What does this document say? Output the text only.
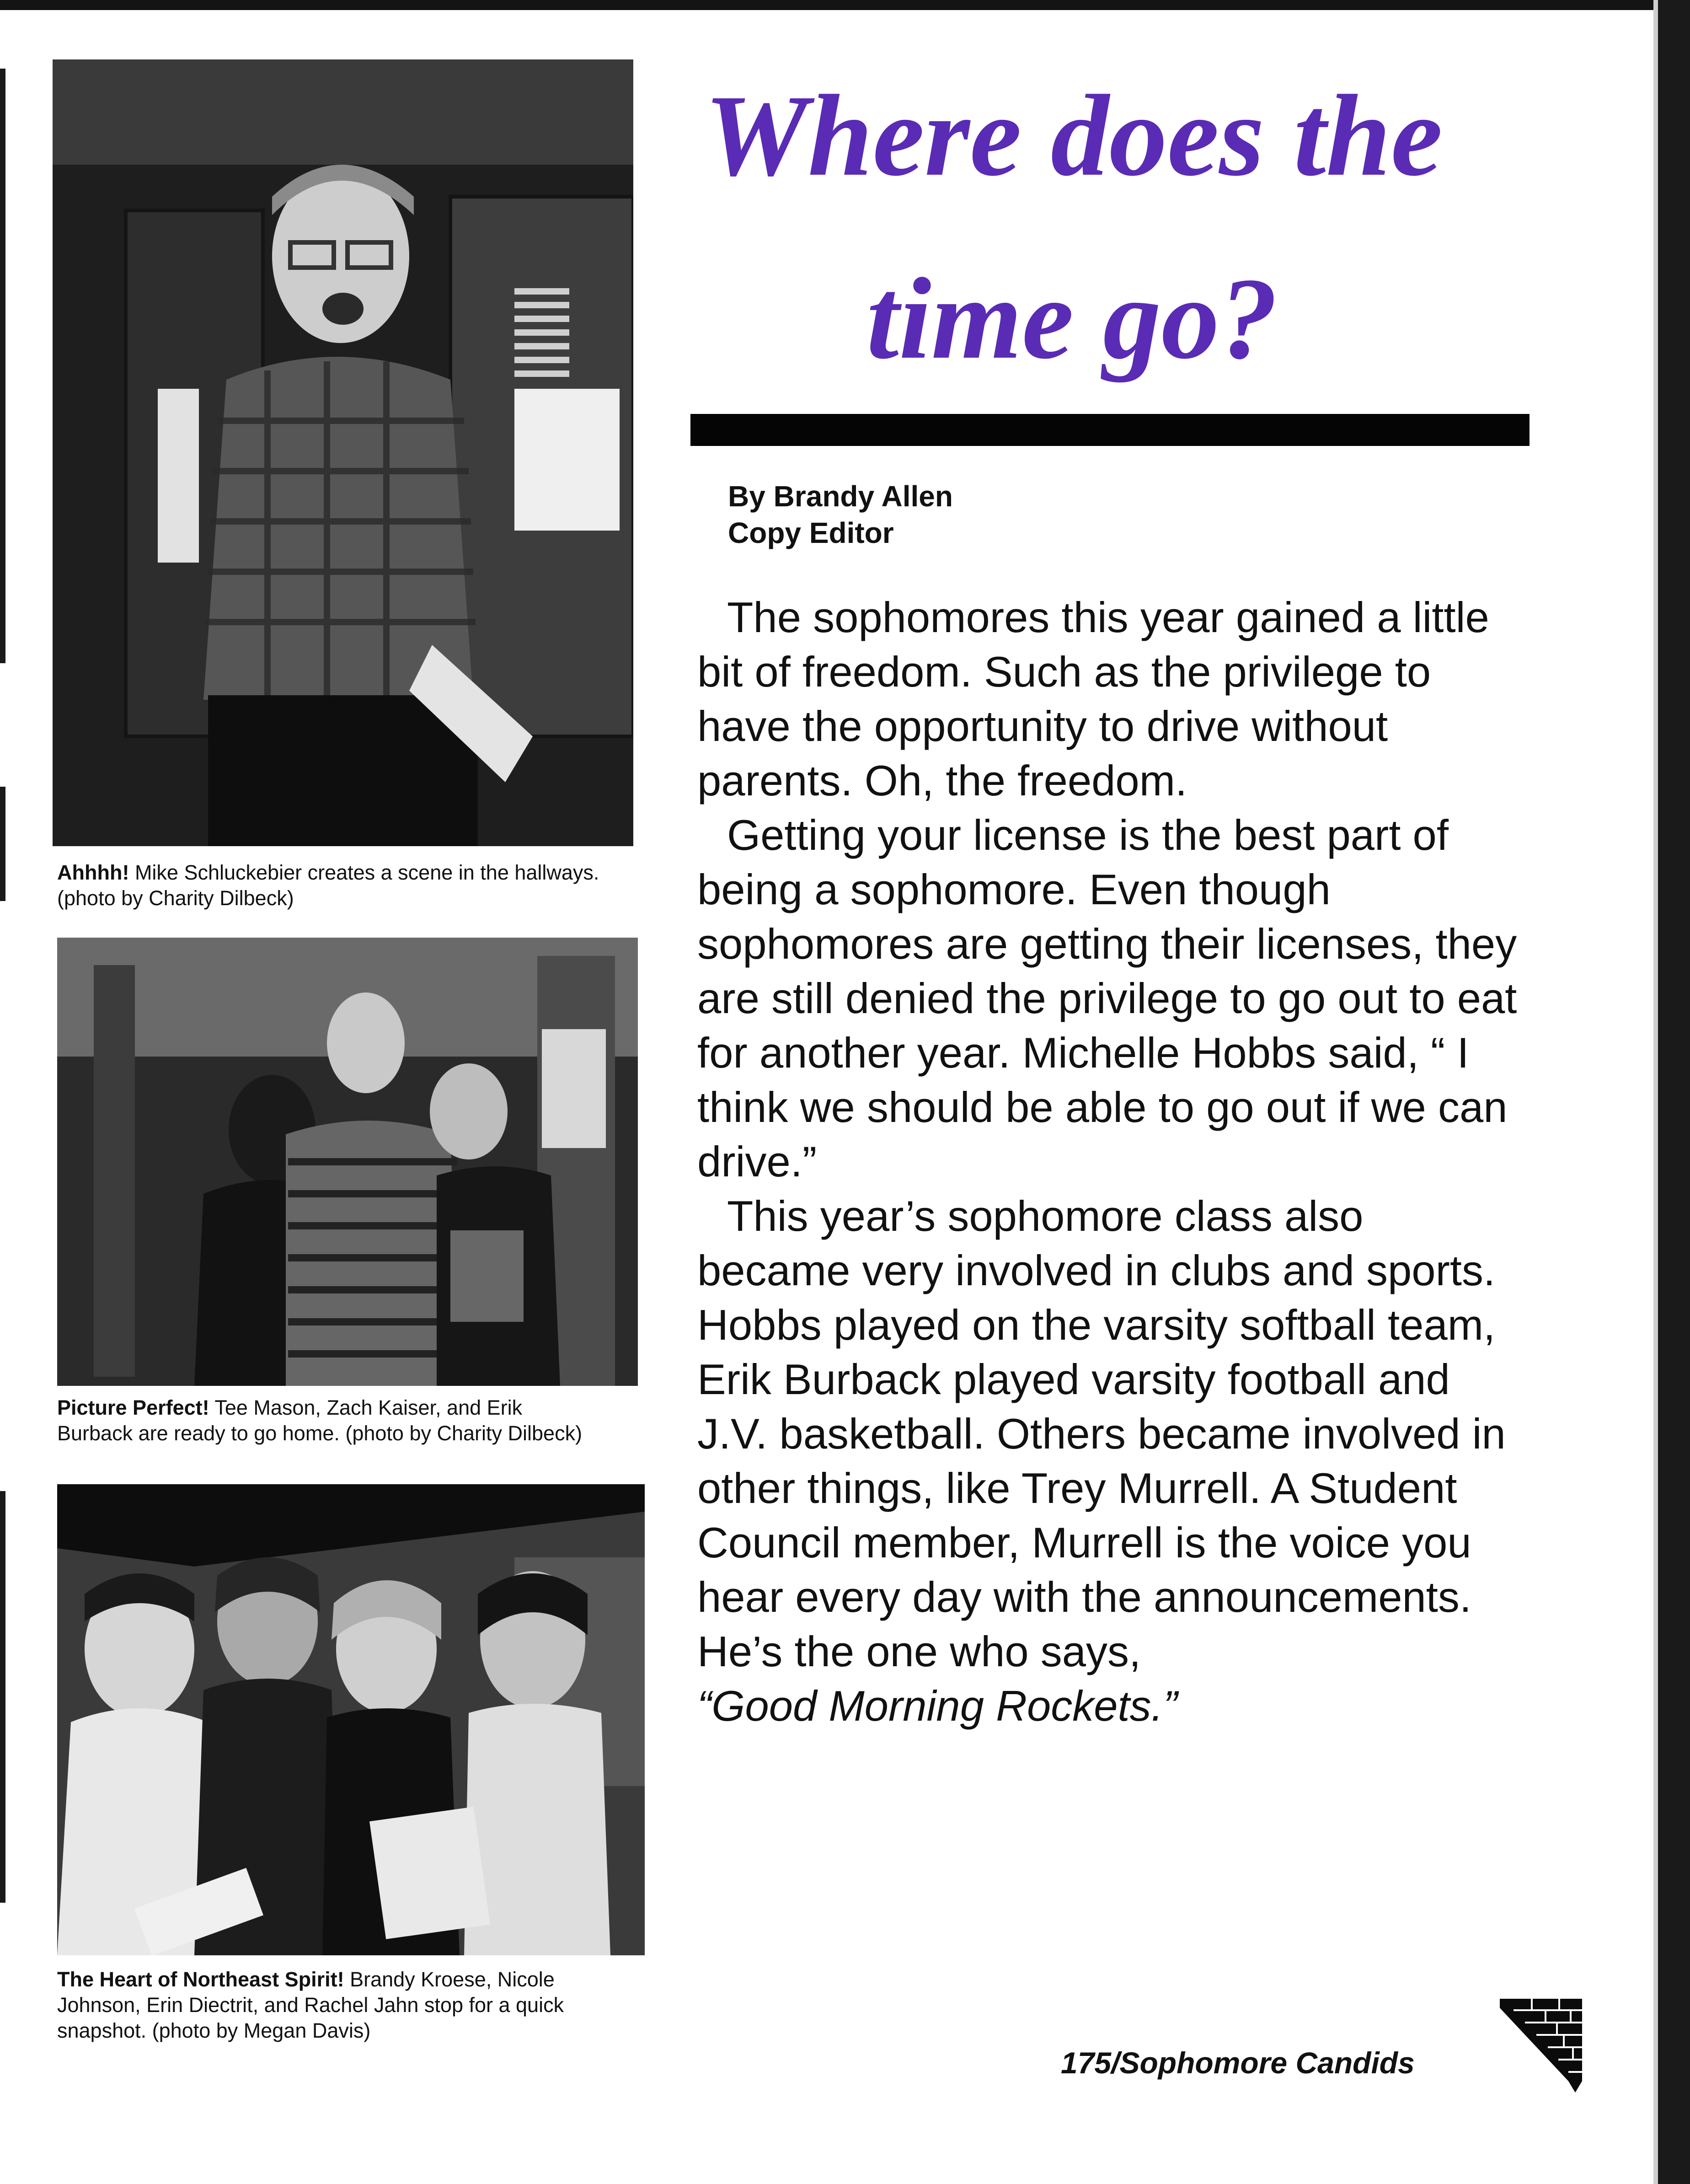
Ahhhh! Mike Schluckebier creates a scene in the hallways. (photo by Charity Dilbeck)

Picture Perfect! Tee Mason, Zach Kaiser, and Erik Burback are ready to go home. (photo by Charity Dilbeck)

The Heart of Northeast Spirit! Brandy Kroese, Nicole Johnson, Erin Diectrit, and Rachel Jahn stop for a quick snapshot. (photo by Megan Davis)

Where does the
time go?

By Brandy Allen
Copy Editor

The sophomores this year gained a little bit of freedom. Such as the privilege to have the opportunity to drive without parents. Oh, the freedom.

Getting your license is the best part of being a sophomore. Even though sophomores are getting their licenses, they are still denied the privilege to go out to eat for another year. Michelle Hobbs said, “ I think we should be able to go out if we can drive.”

This year’s sophomore class also became very involved in clubs and sports. Hobbs played on the varsity softball team, Erik Burback played varsity football and J.V. basketball. Others became involved in other things, like Trey Murrell. A Student Council member, Murrell is the voice you hear every day with the announcements. He’s the one who says,

“Good Morning Rockets.”
175/Sophomore Candids
